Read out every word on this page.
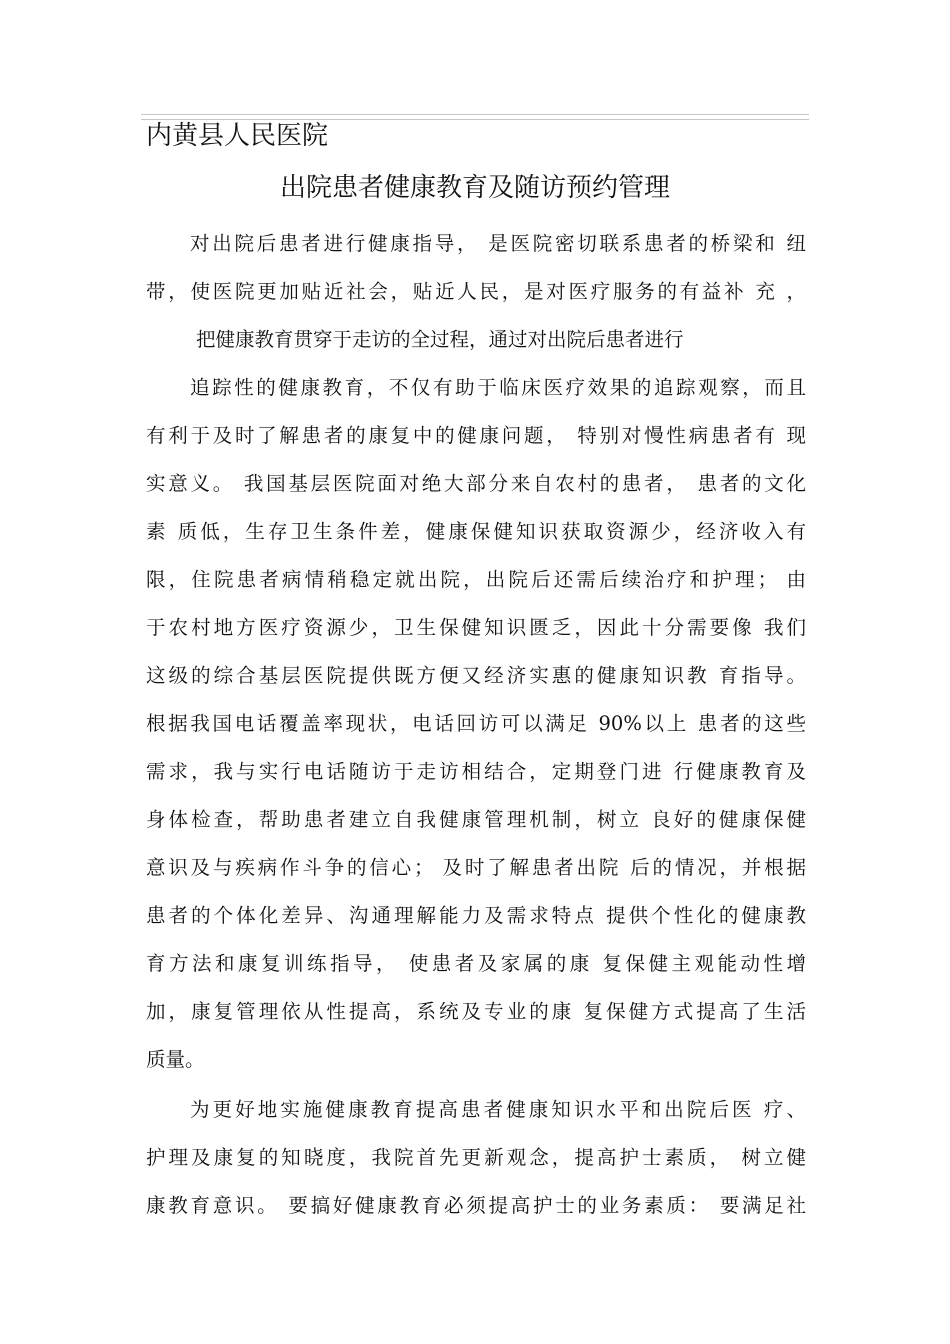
内黄县人民医院
出院患者健康教育及随访预约管理
对出院后患者进行健康指导， 是医院密切联系患者的桥梁和 纽
带，使医院更加贴近社会，贴近人民，是对医疗服务的有益补 充 ，
把健康教育贯穿于走访的全过程，通过对出院后患者进行
追踪性的健康教育，不仅有助于临床医疗效果的追踪观察，而且
有利于及时了解患者的康复中的健康问题， 特别对慢性病患者有 现
实意义。 我国基层医院面对绝大部分来自农村的患者， 患者的文化
素 质低，生存卫生条件差，健康保健知识获取资源少，经济收入有
限，住院患者病情稍稳定就出院，出院后还需后续治疗和护理； 由
于农村地方医疗资源少，卫生保健知识匮乏，因此十分需要像 我们
这级的综合基层医院提供既方便又经济实惠的健康知识教 育指导。
根据我国电话覆盖率现状，电话回访可以满足 90%以上 患者的这些
需求，我与实行电话随访于走访相结合，定期登门进 行健康教育及
身体检查，帮助患者建立自我健康管理机制，树立 良好的健康保健
意识及与疾病作斗争的信心； 及时了解患者出院 后的情况，并根据
患者的个体化差异、沟通理解能力及需求特点 提供个性化的健康教
育方法和康复训练指导， 使患者及家属的康 复保健主观能动性增
加，康复管理依从性提高，系统及专业的康 复保健方式提高了生活
质量。
为更好地实施健康教育提高患者健康知识水平和出院后医 疗、
护理及康复的知晓度，我院首先更新观念，提高护士素质， 树立健
康教育意识。 要搞好健康教育必须提高护士的业务素质： 要满足社
